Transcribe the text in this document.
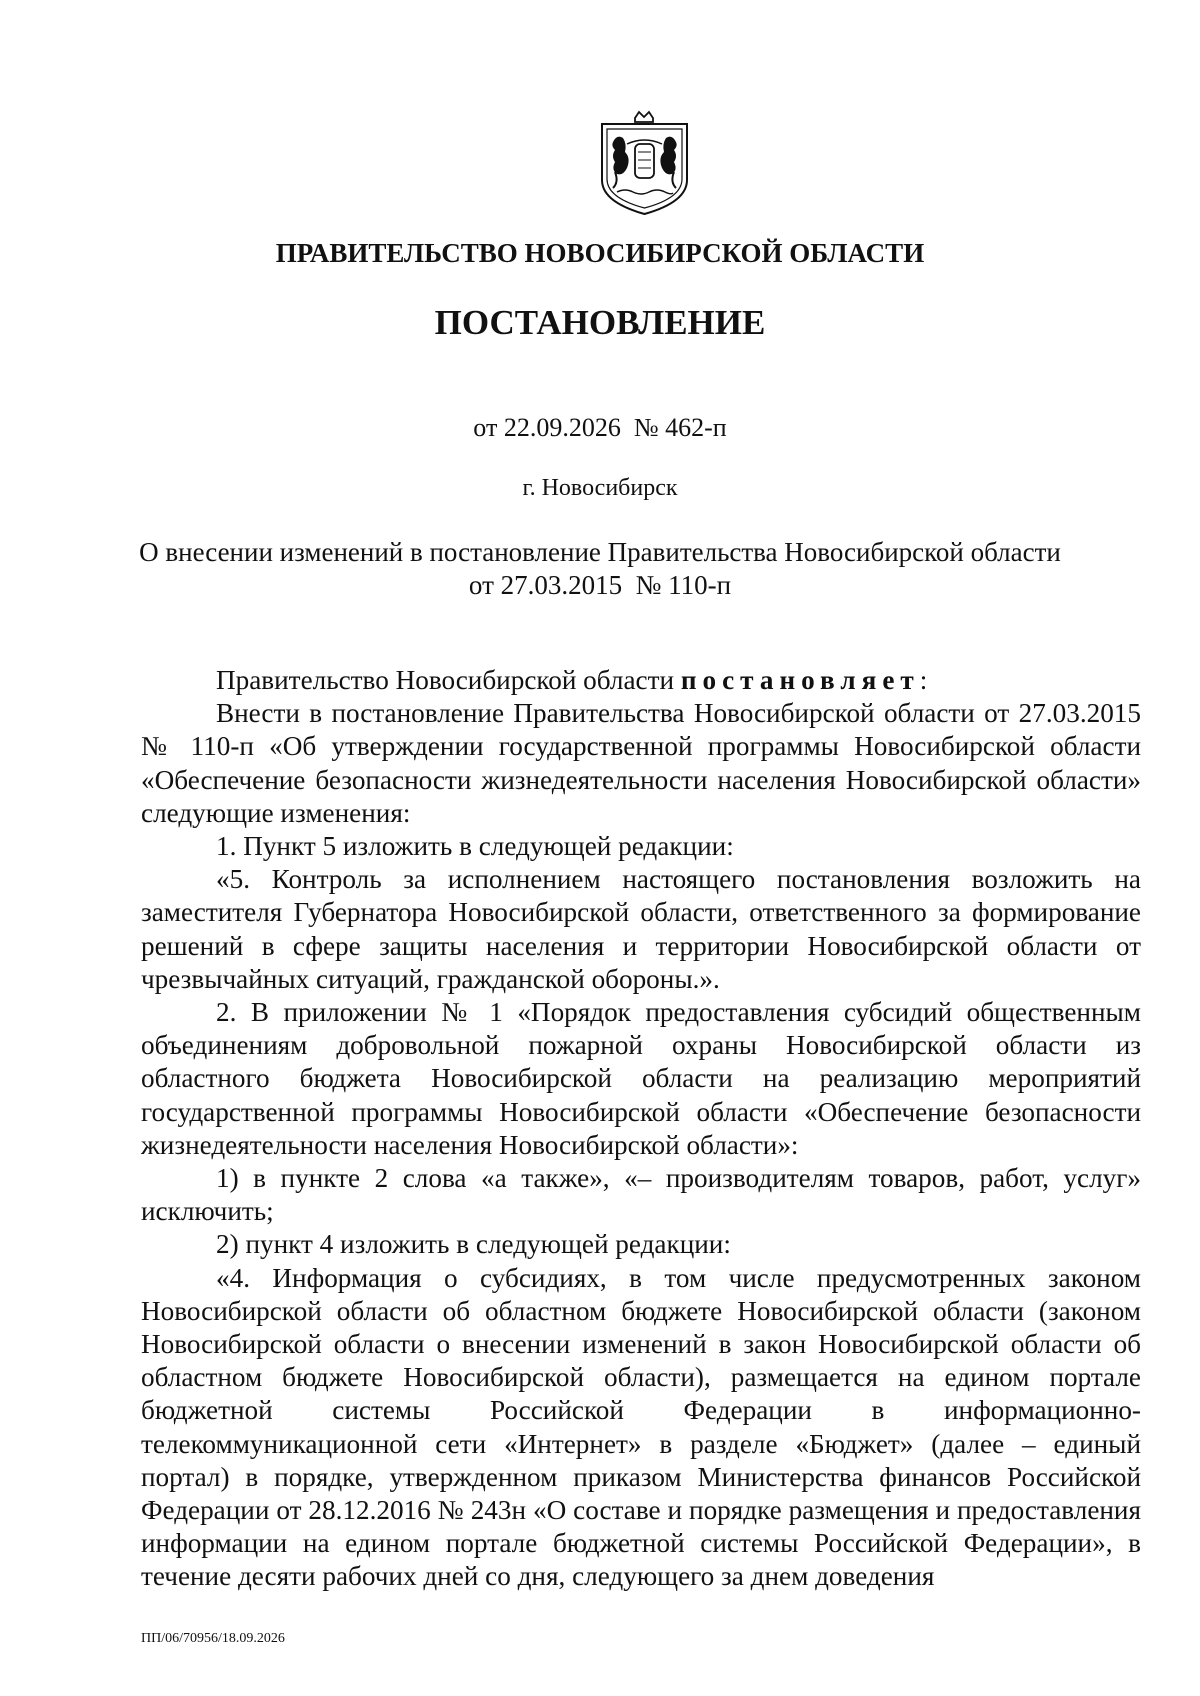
ПРАВИТЕЛЬСТВО НОВОСИБИРСКОЙ ОБЛАСТИ
ПОСТАНОВЛЕНИЕ
от 22.09.2026  № 462-п
г. Новосибирск
О внесении изменений в постановление Правительства Новосибирской области
от 27.03.2015  № 110-п

Правительство Новосибирской области постановляет:

Внести в постановление Правительства Новосибирской области от 27.03.2015 № 110-п «Об утверждении государственной программы Новосибирской области «Обеспечение безопасности жизнедеятельности населения Новосибирской области» следующие изменения:

1. Пункт 5 изложить в следующей редакции:

«5. Контроль за исполнением настоящего постановления возложить на заместителя Губернатора Новосибирской области, ответственного за формирование решений в сфере защиты населения и территории Новосибирской области от чрезвычайных ситуаций, гражданской обороны.».

2. В приложении № 1 «Порядок предоставления субсидий общественным объединениям добровольной пожарной охраны Новосибирской области из областного бюджета Новосибирской области на реализацию мероприятий государственной программы Новосибирской области «Обеспечение безопасности жизнедеятельности населения Новосибирской области»:

1) в пункте 2 слова «а также», «– производителям товаров, работ, услуг» исключить;

2) пункт 4 изложить в следующей редакции:

«4. Информация о субсидиях, в том числе предусмотренных законом Новосибирской области об областном бюджете Новосибирской области (законом Новосибирской области о внесении изменений в закон Новосибирской области об областном бюджете Новосибирской области), размещается на едином портале бюджетной системы Российской Федерации в информационно-телекоммуникационной сети «Интернет» в разделе «Бюджет» (далее – единый портал) в порядке, утвержденном приказом Министерства финансов Российской Федерации от 28.12.2016 № 243н «О составе и порядке размещения и предоставления информации на едином портале бюджетной системы Российской Федерации», в течение десяти рабочих дней со дня, следующего за днем доведения

ПП/06/70956/18.09.2026
